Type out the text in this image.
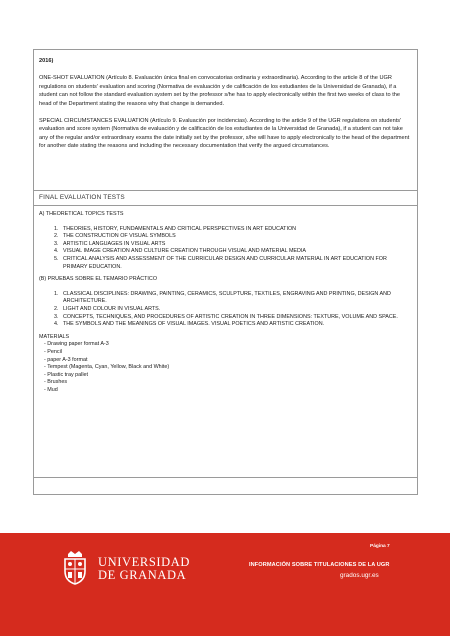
2016)

ONE-SHOT EVALUATION (Artículo 8. Evaluación única final en convocatorias ordinaria y extraordinaria). According to the article 8 of the UGR regulations on students' evaluation and scoring (Normativa de evaluación y de calificación de los estudiantes de la Universidad de Granada), if a student can not follow the standard evaluation system set by the professor s/he has to apply electronically within the first two weeks of class to the head of the Department stating the reasons why that change is demanded.

SPECIAL CIRCUMSTANCES EVALUATION (Artículo 9. Evaluación por incidencias). According to the article 9 of the UGR regulations on students' evaluation and score system (Normativa de evaluación y de calificación de los estudiantes de la Universidad de Granada), if a student can not take any of the regular and/or extraordinary exams the date initially set by the professor, s/he will have to apply electronically to the head of the department for another date stating the reasons and including the necessary documentation that verify the argued circumstances.

FINAL EVALUATION TESTS

A) THEORETICAL TOPICS TESTS

1. THEORIES, HISTORY, FUNDAMENTALS AND CRITICAL PERSPECTIVES IN ART EDUCATION
2. THE CONSTRUCTION OF VISUAL SYMBOLS
3. ARTISTIC LANGUAGES IN VISUAL ARTS
4. VISUAL IMAGE CREATION AND CULTURE CREATION THROUGH VISUAL AND MATERIAL MEDIA
5. CRITICAL ANALYSIS AND ASSESSMENT OF THE CURRICULAR DESIGN AND CURRICULAR MATERIAL IN ART EDUCATION FOR PRIMARY EDUCATION.

(B) PRUEBAS SOBRE EL TEMARIO PRÁCTICO

1. CLASSICAL DISCIPLINES: DRAWING, PAINTING, CERAMICS, SCULPTURE, TEXTILES, ENGRAVING AND PRINTING, DESIGN AND ARCHITECTURE.
2. LIGHT AND COLOUR IN VISUAL ARTS.
3. CONCEPTS, TECHNIQUES, AND PROCEDURES OF ARTISTIC CREATION IN THREE DIMENSIONS: TEXTURE, VOLUME AND SPACE.
4. THE SYMBOLS AND THE MEANINGS OF VISUAL IMAGES. VISUAL POETICS AND ARTISTIC CREATION.

MATERIALS

- Drawing paper format A-3
- Pencil
- paper A-3 format
- Tempest (Magenta, Cyan, Yellow, Black and White)
- Plastic tray pallet
- Brushes
- Mud
UNIVERSIDAD
DE GRANADA
Página 7
INFORMACIÓN SOBRE TITULACIONES DE LA UGR
grados.ugr.es
